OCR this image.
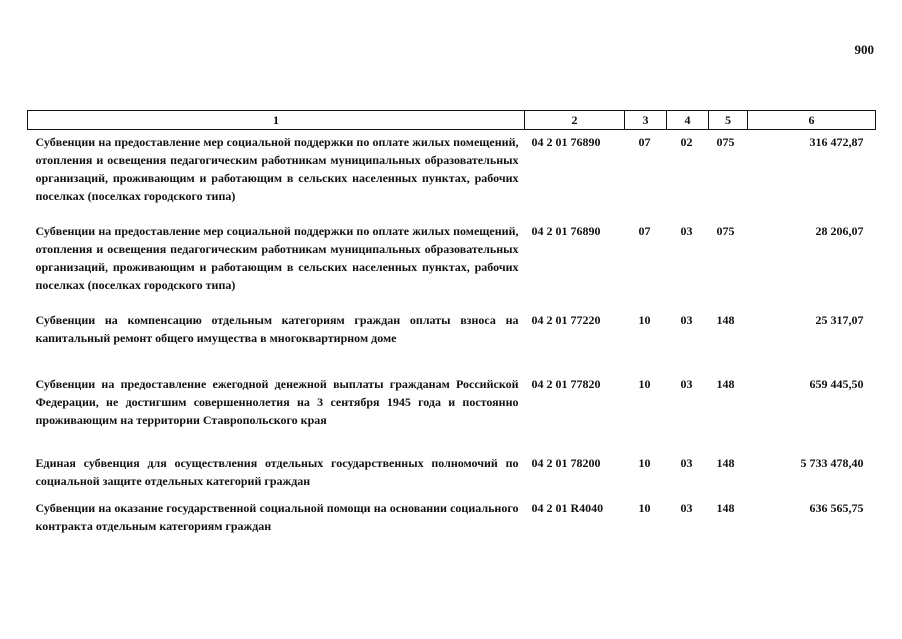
900
1	2	3	4	5	6
Субвенции на предоставление мер социальной поддержки по оплате жилых помещений, отопления и освещения педагогическим работникам муниципальных образовательных организаций, проживающим и работающим в сельских населенных пунктах, рабочих поселках (поселках городского типа)	04 2 01 76890	07	02	075	316 472,87
Субвенции на предоставление мер социальной поддержки по оплате жилых помещений, отопления и освещения педагогическим работникам муниципальных образовательных организаций, проживающим и работающим в сельских населенных пунктах, рабочих поселках (поселках городского типа)	04 2 01 76890	07	03	075	28 206,07
Субвенции на компенсацию отдельным категориям граждан оплаты взноса на капитальный ремонт общего имущества в многоквартирном доме	04 2 01 77220	10	03	148	25 317,07
Субвенции на предоставление ежегодной денежной выплаты гражданам Российской Федерации, не достигшим совершеннолетия на 3 сентября 1945 года и постоянно проживающим на территории Ставропольского края	04 2 01 77820	10	03	148	659 445,50
Единая субвенция для осуществления отдельных государственных полномочий по социальной защите отдельных категорий граждан	04 2 01 78200	10	03	148	5 733 478,40
Субвенции на оказание государственной социальной помощи на основании социального контракта отдельным категориям граждан	04 2 01 R4040	10	03	148	636 565,75
